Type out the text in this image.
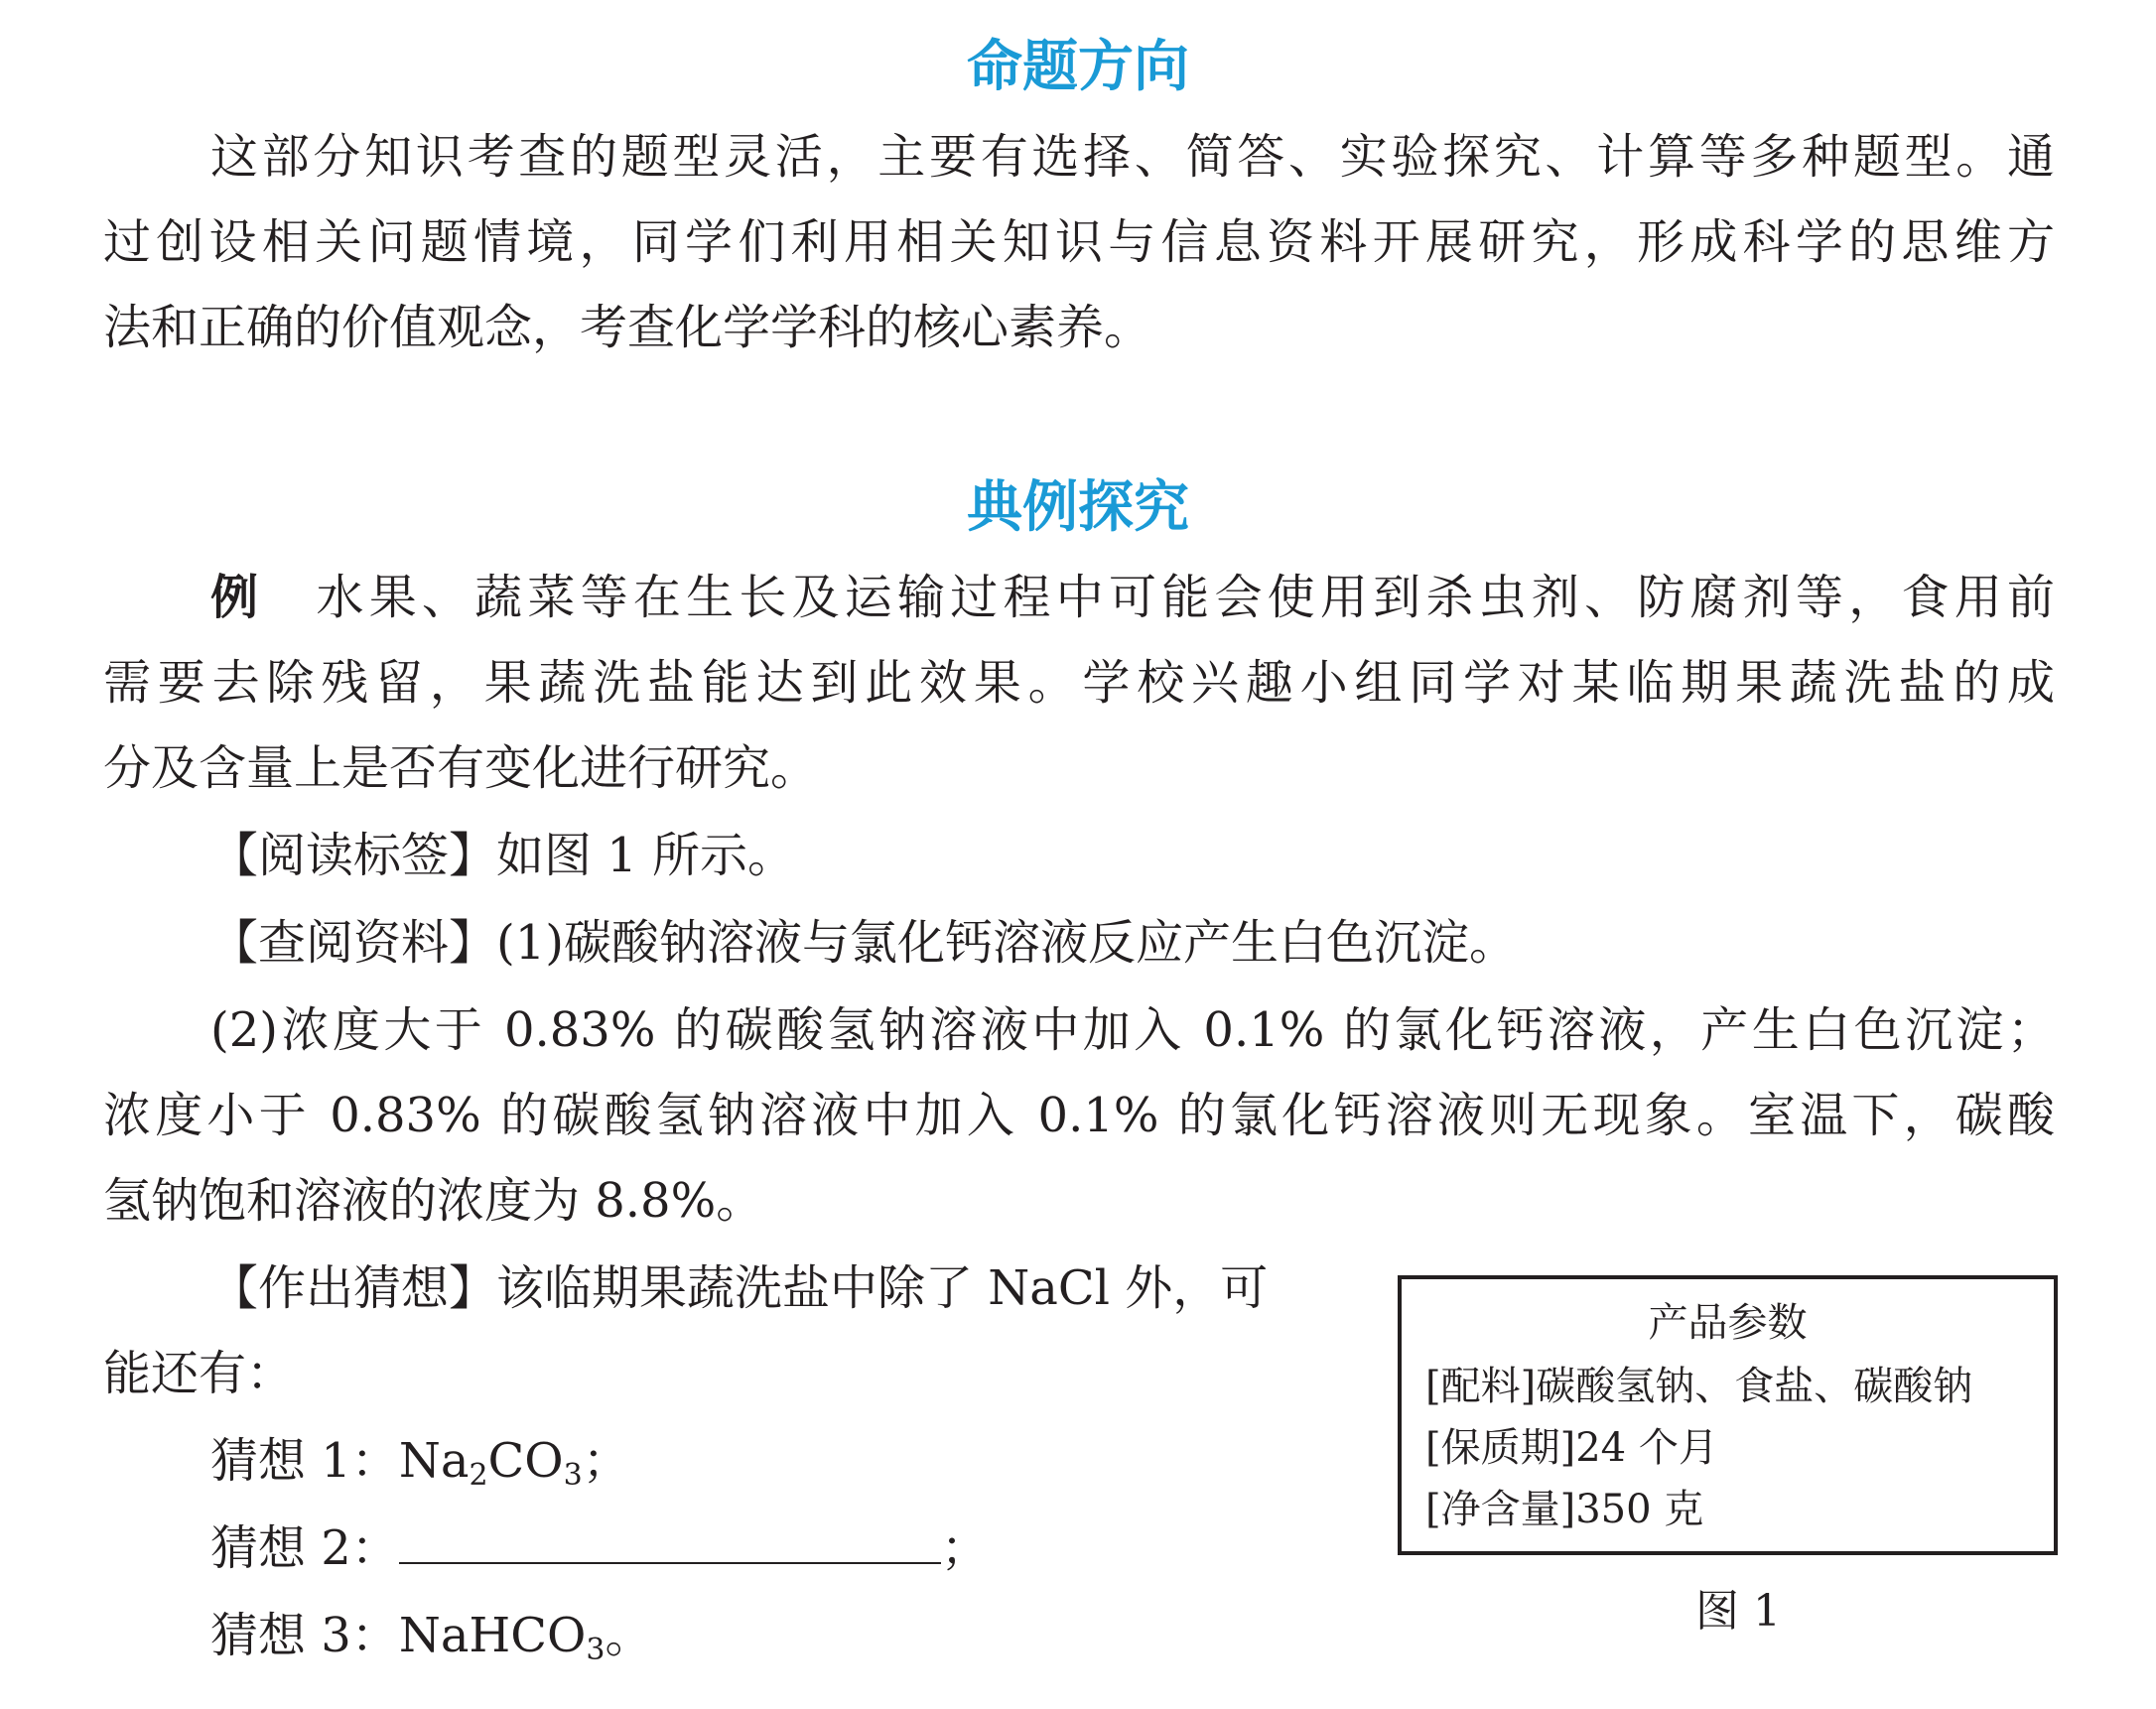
命题方向

这部分知识考查的题型灵活，主要有选择、简答、实验探究、计算等多种题型。通

过创设相关问题情境，同学们利用相关知识与信息资料开展研究，形成科学的思维方

法和正确的价值观念，考查化学学科的核心素养。

典例探究

例　 水果、蔬菜等在生长及运输过程中可能会使用到杀虫剂、防腐剂等，食用前

需要去除残留，果蔬洗盐能达到此效果。学校兴趣小组同学对某临期果蔬洗盐的成

分及含量上是否有变化进行研究。

【阅读标签】如图 1 所示。

【查阅资料】(1)碳酸钠溶液与氯化钙溶液反应产生白色沉淀。

(2)浓度大于 0.83% 的碳酸氢钠溶液中加入 0.1% 的氯化钙溶液，产生白色沉淀；

浓度小于 0.83% 的碳酸氢钠溶液中加入 0.1% 的氯化钙溶液则无现象。室温下，碳酸

氢钠饱和溶液的浓度为 8.8%。

【作出猜想】该临期果蔬洗盐中除了 NaCl 外，可

能还有：

猜想 1：$Na_2CO_3$；

猜想 2：	；

猜想 3：NaHCO$_3$。

产品参数

[配料]碳酸氢钠、食盐、碳酸钠

[保质期]24 个月

[净含量]350 克

图 1
